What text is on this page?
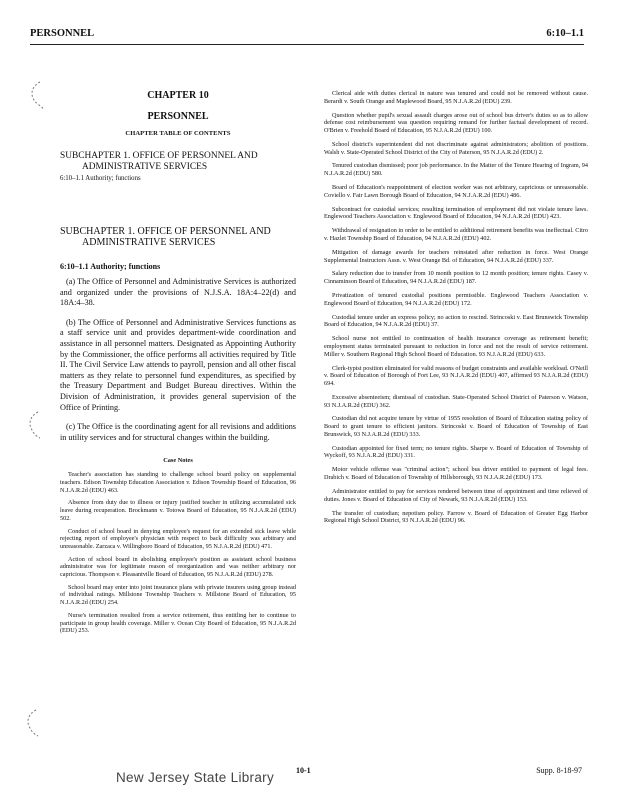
PERSONNEL	6:10–1.1
CHAPTER 10
PERSONNEL
CHAPTER TABLE OF CONTENTS
SUBCHAPTER 1. OFFICE OF PERSONNEL AND
ADMINISTRATIVE SERVICES
6:10–1.1 Authority; functions
SUBCHAPTER 1. OFFICE OF PERSONNEL AND
ADMINISTRATIVE SERVICES
6:10–1.1 Authority; functions

(a) The Office of Personnel and Administrative Services is authorized and organized under the provisions of N.J.S.A. 18A:4–22(d) and 18A:4–38.

(b) The Office of Personnel and Administrative Services functions as a staff service unit and provides department-wide coordination and assistance in all personnel matters. Designated as Appointing Authority by the Commissioner, the office performs all activities required by Title II. The Civil Service Law attends to payroll, pension and all other fiscal matters as they relate to personnel fund expenditures, as specified by the Treasury Department and Budget Bureau directives. Within the Division of Administration, it provides general supervision of the Office of Printing.

(c) The Office is the coordinating agent for all revisions and additions in utility services and for structural changes within the building.

Case Notes

Teacher's association has standing to challenge school board policy on supplemental teachers. Edison Township Education Association v. Edison Township Board of Education, 96 N.J.A.R.2d (EDU) 463.

Absence from duty due to illness or injury justified teacher in utilizing accumulated sick leave during recuperation. Brockmann v. Totowa Board of Education, 95 N.J.A.R.2d (EDU) 502.

Conduct of school board in denying employee's request for an extended sick leave while rejecting report of employee's physician with respect to back difficulty was arbitrary and unreasonable. Zarzaca v. Willingboro Board of Education, 95 N.J.A.R.2d (EDU) 471.

Action of school board in abolishing employee's position as assistant school business administrator was for legitimate reason of reorganization and was neither arbitrary nor capricious. Thompson v. Pleasantville Board of Education, 95 N.J.A.R.2d (EDU) 278.

School board may enter into joint insurance plans with private insurers using group instead of individual ratings. Millstone Township Teachers v. Millstone Board of Education, 95 N.J.A.R.2d (EDU) 254.

Nurse's termination resulted from a service retirement, thus entitling her to continue to participate in group health coverage. Miller v. Ocean City Board of Education, 95 N.J.A.R.2d (EDU) 253.

Clerical aide with duties clerical in nature was tenured and could not be removed without cause. Berardi v. South Orange and Maplewood Board, 95 N.J.A.R.2d (EDU) 239.

Question whether pupil's sexual assault charges arose out of school bus driver's duties so as to allow defense cost reimbursement was question requiring remand for further factual development of record. O'Brien v. Freehold Board of Education, 95 N.J.A.R.2d (EDU) 100.

School district's superintendent did not discriminate against administrators; abolition of positions. Walsh v. State-Operated School District of the City of Paterson, 95 N.J.A.R.2d (EDU) 2.

Tenured custodian dismissed; poor job performance. In the Matter of the Tenure Hearing of Ingram, 94 N.J.A.R.2d (EDU) 580.

Board of Education's reappointment of election worker was not arbitrary, capricious or unreasonable. Coviello v. Fair Lawn Borough Board of Education, 94 N.J.A.R.2d (EDU) 486.

Subcontract for custodial services; resulting termination of employment did not violate tenure laws. Englewood Teachers Association v. Englewood Board of Education, 94 N.J.A.R.2d (EDU) 423.

Withdrawal of resignation in order to be entitled to additional retirement benefits was ineffectual. Citro v. Hazlet Township Board of Education, 94 N.J.A.R.2d (EDU) 402.

Mitigation of damage awards for teachers reinstated after reduction in force. West Orange Supplemental Instructors Assn. v. West Orange Bd. of Education, 94 N.J.A.R.2d (EDU) 337.

Salary reduction due to transfer from 10 month position to 12 month position; tenure rights. Casey v. Cinnaminson Board of Education, 94 N.J.A.R.2d (EDU) 187.

Privatization of tenured custodial positions permissible. Englewood Teachers Association v. Englewood Board of Education, 94 N.J.A.R.2d (EDU) 172.

Custodial tenure under an express policy; no action to rescind. Strincoski v. East Brunswick Township Board of Education, 94 N.J.A.R.2d (EDU) 37.

School nurse not entitled to continuation of health insurance coverage as retirement benefit; employment status terminated pursuant to reduction in force and not the result of service retirement. Miller v. Southern Regional High School Board of Education. 93 N.J.A.R.2d (EDU) 633.

Clerk-typist position eliminated for valid reasons of budget constraints and available workload. O'Neill v. Board of Education of Borough of Fort Lee, 93 N.J.A.R.2d (EDU) 407, affirmed 93 N.J.A.R.2d (EDU) 694.

Excessive absenteeism; dismissal of custodian. State-Operated School District of Paterson v. Watson, 93 N.J.A.R.2d (EDU) 362.

Custodian did not acquire tenure by virtue of 1955 resolution of Board of Education stating policy of Board to grant tenure to efficient janitors. Strincoski v. Board of Education of Township of East Brunswick, 93 N.J.A.R.2d (EDU) 333.

Custodian appointed for fixed term; no tenure rights. Sharpe v. Board of Education of Township of Wyckoff, 93 N.J.A.R.2d (EDU) 331.

Motor vehicle offense was "criminal action"; school bus driver entitled to payment of legal fees. Drabich v. Board of Education of Township of Hillsborough, 93 N.J.A.R.2d (EDU) 173.

Administrator entitled to pay for services rendered between time of appointment and time relieved of duties. Jones v. Board of Education of City of Newark, 93 N.J.A.R.2d (EDU) 153.

The transfer of custodian; nepotism policy. Farrow v. Board of Education of Greater Egg Harbor Regional High School District, 93 N.J.A.R.2d (EDU) 96.

10-1	Supp. 8-18-97
New Jersey State Library
